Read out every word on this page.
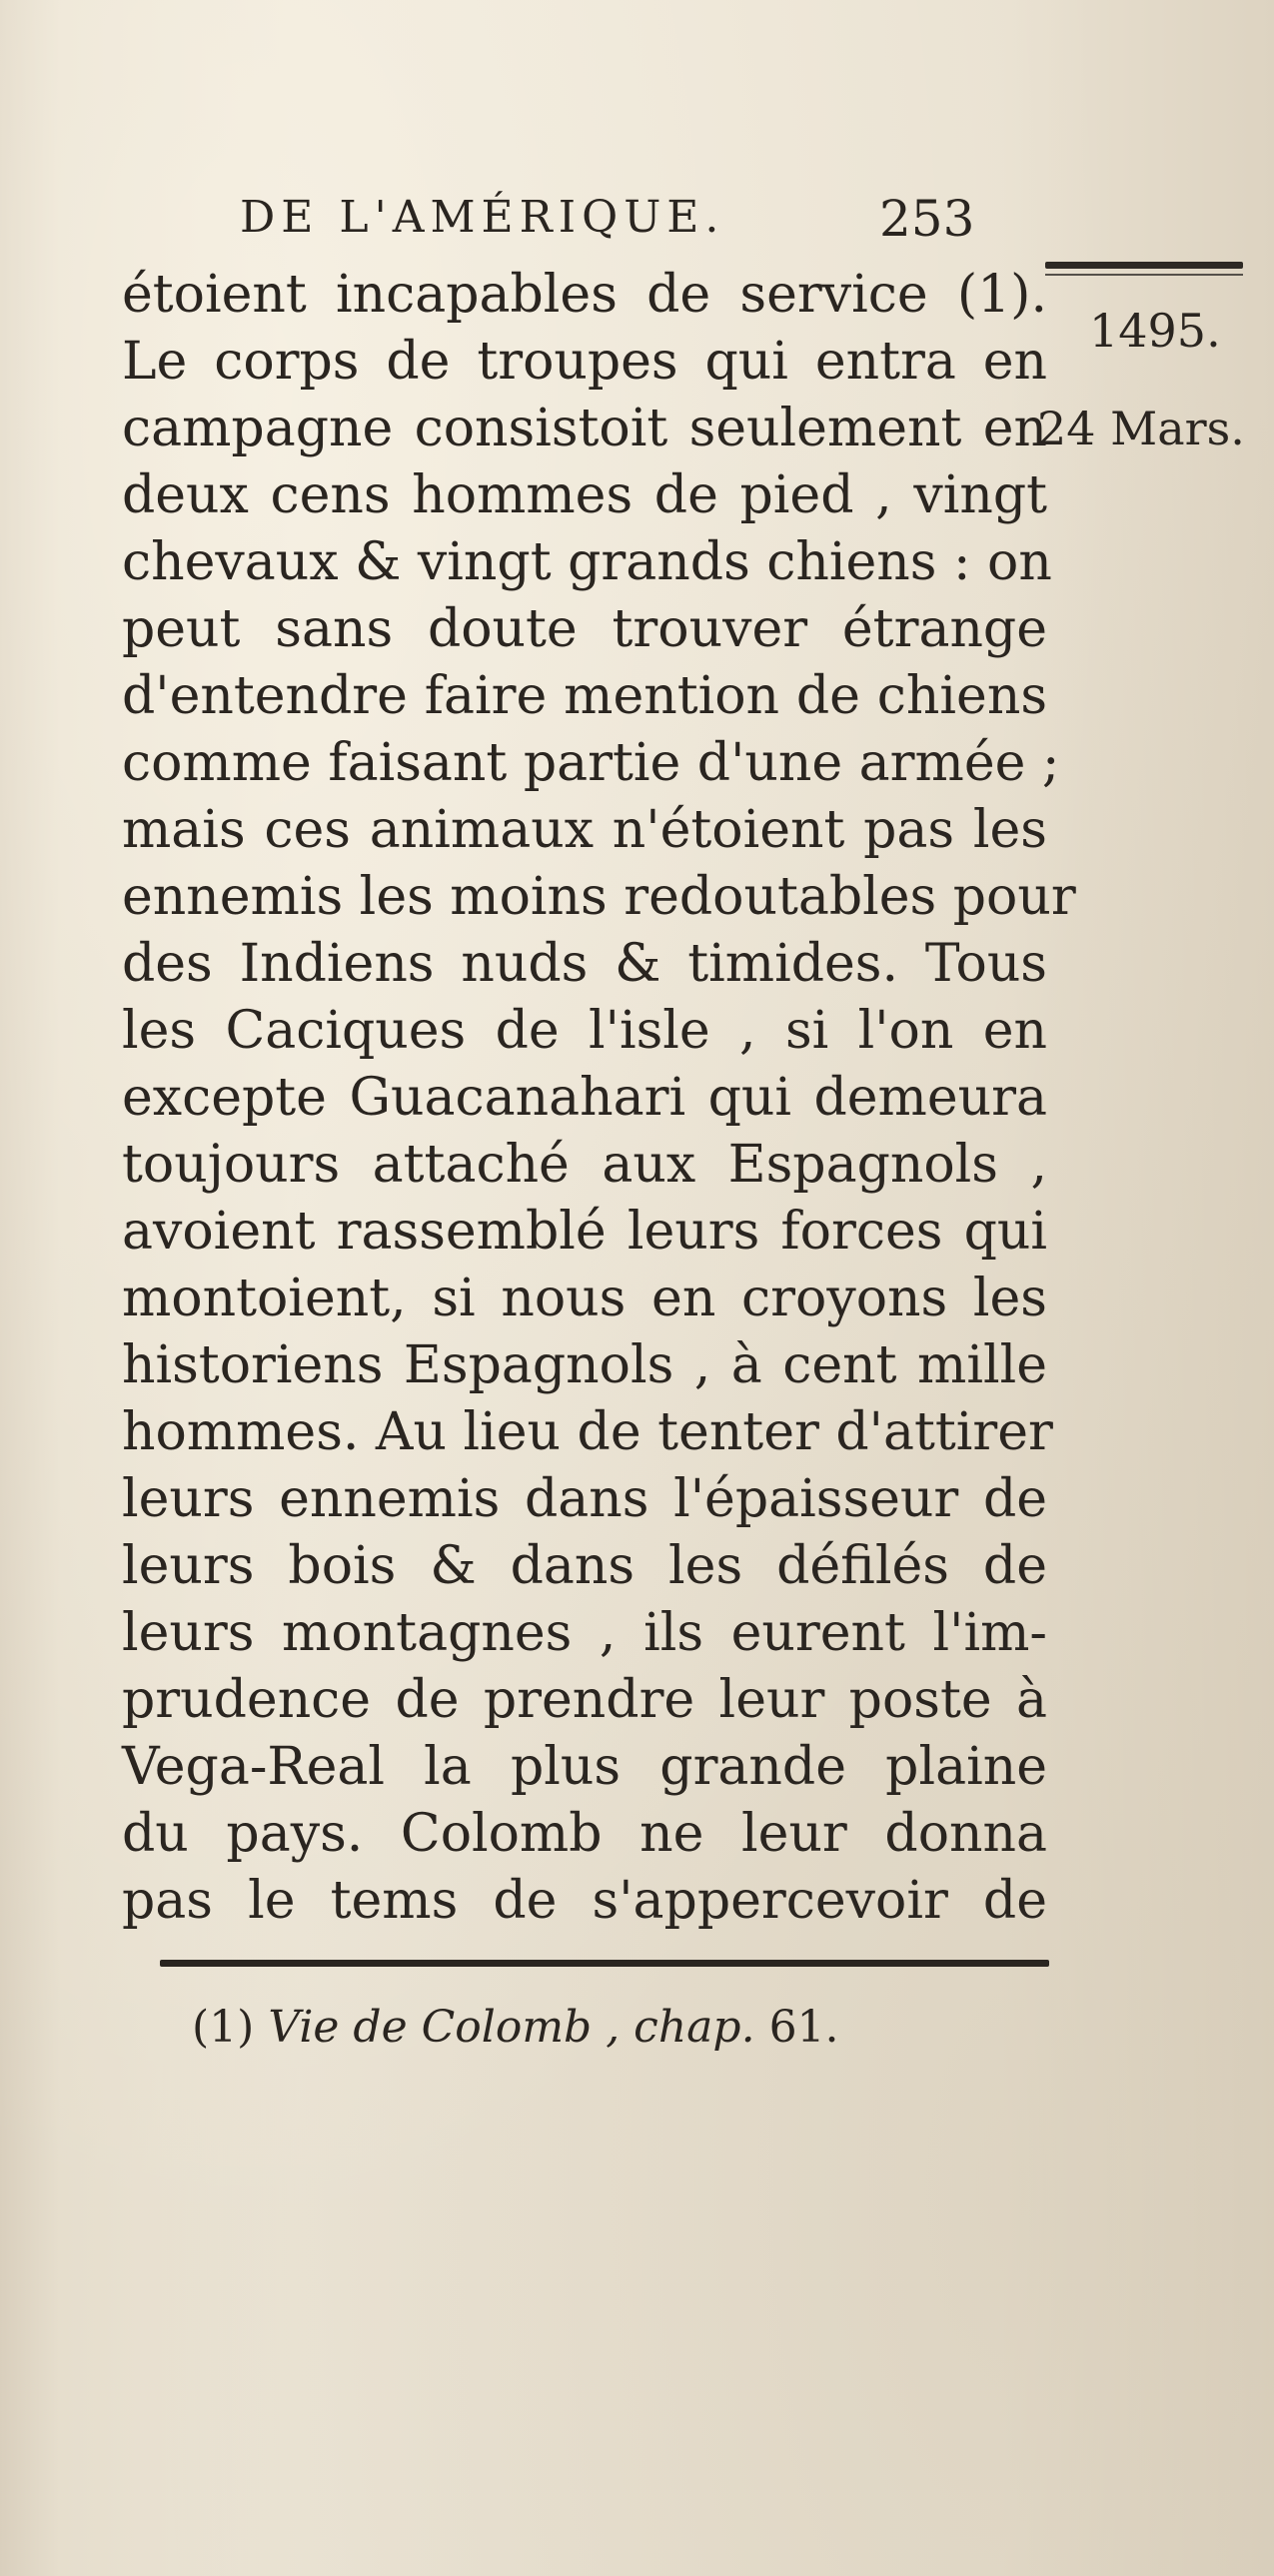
DE L'AMÉRIQUE.	253
1495.
24 Mars.
étoient incapables de service (1).
Le corps de troupes qui entra en
campagne consistoit seulement en
deux cens hommes de pied , vingt
chevaux & vingt grands chiens : on
peut sans doute trouver étrange
d'entendre faire mention de chiens
comme faisant partie d'une armée ;
mais ces animaux n'étoient pas les
ennemis les moins redoutables pour
des Indiens nuds & timides. Tous
les Caciques de l'isle , si l'on en
excepte Guacanahari qui demeura
toujours attaché aux Espagnols ,
avoient rassemblé leurs forces qui
montoient, si nous en croyons les
historiens Espagnols , à cent mille
hommes. Au lieu de tenter d'attirer
leurs ennemis dans l'épaisseur de
leurs bois & dans les défilés de
leurs montagnes , ils eurent l'im-
prudence de prendre leur poste à
Vega-Real la plus grande plaine
du pays. Colomb ne leur donna
pas le tems de s'appercevoir de
(1) Vie de Colomb , chap. 61.
